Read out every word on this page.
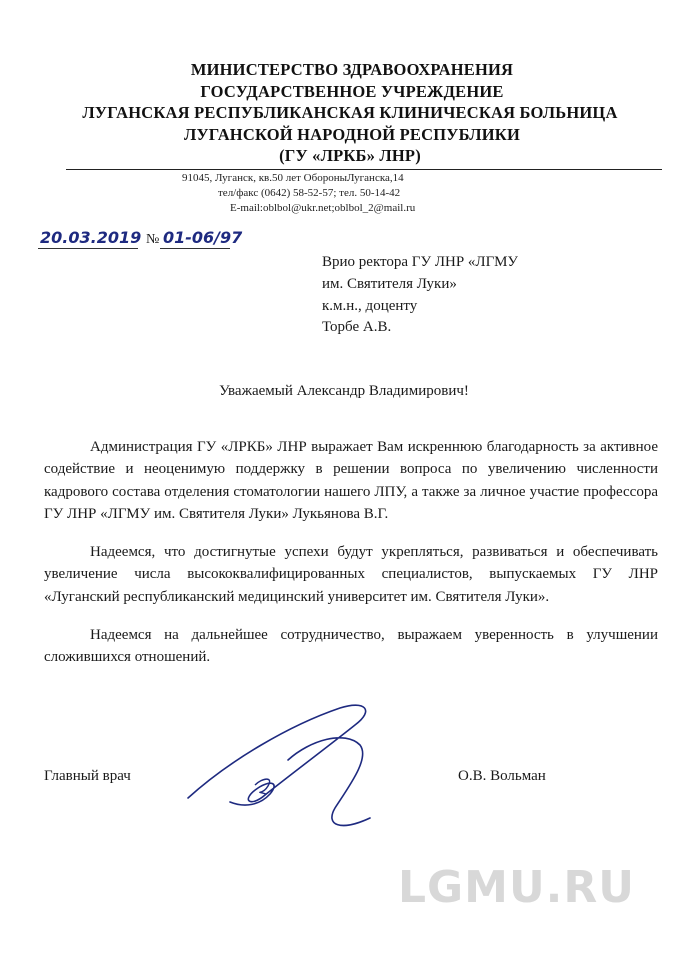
МИНИСТЕРСТВО ЗДРАВООХРАНЕНИЯ
ГОСУДАРСТВЕННОЕ УЧРЕЖДЕНИЕ
ЛУГАНСКАЯ РЕСПУБЛИКАНСКАЯ КЛИНИЧЕСКАЯ БОЛЬНИЦА
ЛУГАНСКОЙ НАРОДНОЙ РЕСПУБЛИКИ
(ГУ «ЛРКБ» ЛНР)
91045, Луганск, кв.50 лет ОбороныЛуганска,14
тел/факс (0642) 58-52-57; тел. 50-14-42
E-mail:oblbol@ukr.net;oblbol_2@mail.ru
20.03.2019 № 01-06/97
Врио ректора ГУ ЛНР «ЛГМУ
им. Святителя Луки»
к.м.н., доценту
Торбе А.В.
Уважаемый Александр Владимирович!
Администрация ГУ «ЛРКБ» ЛНР выражает Вам искреннюю благодарность за активное содействие и неоценимую поддержку в решении вопроса по увеличению численности кадрового состава отделения стоматологии нашего ЛПУ, а также за личное участие профессора ГУ ЛНР «ЛГМУ им. Святителя Луки» Лукьянова В.Г.
Надеемся, что достигнутые успехи будут укрепляться, развиваться и обеспечивать увеличение числа высококвалифицированных специалистов, выпускаемых ГУ ЛНР «Луганский республиканский медицинский университет им. Святителя Луки».
Надеемся на дальнейшее сотрудничество, выражаем уверенность в улучшении сложившихся отношений.
Главный врач	О.В. Вольман
LGMU.RU
